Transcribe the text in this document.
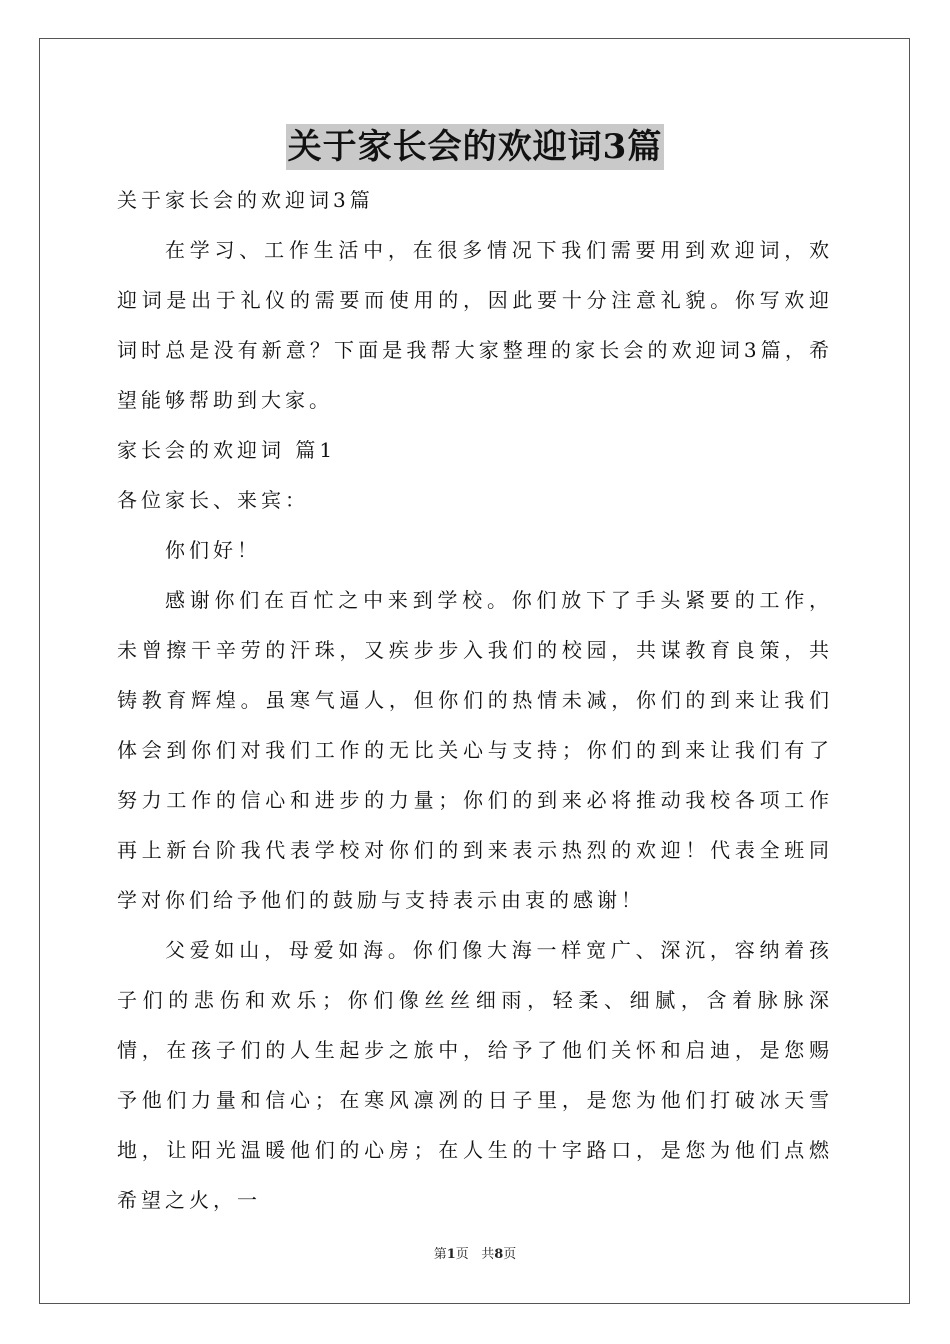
关于家长会的欢迎词3篇

关于家长会的欢迎词3篇

在学习、工作生活中，在很多情况下我们需要用到欢迎词，欢迎词是出于礼仪的需要而使用的，因此要十分注意礼貌。你写欢迎词时总是没有新意？下面是我帮大家整理的家长会的欢迎词3篇，希望能够帮助到大家。

家长会的欢迎词 篇1

各位家长、来宾：

你们好！

感谢你们在百忙之中来到学校。你们放下了手头紧要的工作，未曾擦干辛劳的汗珠，又疾步步入我们的校园，共谋教育良策，共铸教育辉煌。虽寒气逼人，但你们的热情未减，你们的到来让我们体会到你们对我们工作的无比关心与支持；你们的到来让我们有了努力工作的信心和进步的力量；你们的到来必将推动我校各项工作再上新台阶我代表学校对你们的到来表示热烈的欢迎！代表全班同学对你们给予他们的鼓励与支持表示由衷的感谢！

父爱如山，母爱如海。你们像大海一样宽广、深沉，容纳着孩子们的悲伤和欢乐；你们像丝丝细雨，轻柔、细腻，含着脉脉深情，在孩子们的人生起步之旅中，给予了他们关怀和启迪，是您赐予他们力量和信心；在寒风凛冽的日子里，是您为他们打破冰天雪地，让阳光温暖他们的心房；在人生的十字路口，是您为他们点燃希望之火，一

第1页 共8页
